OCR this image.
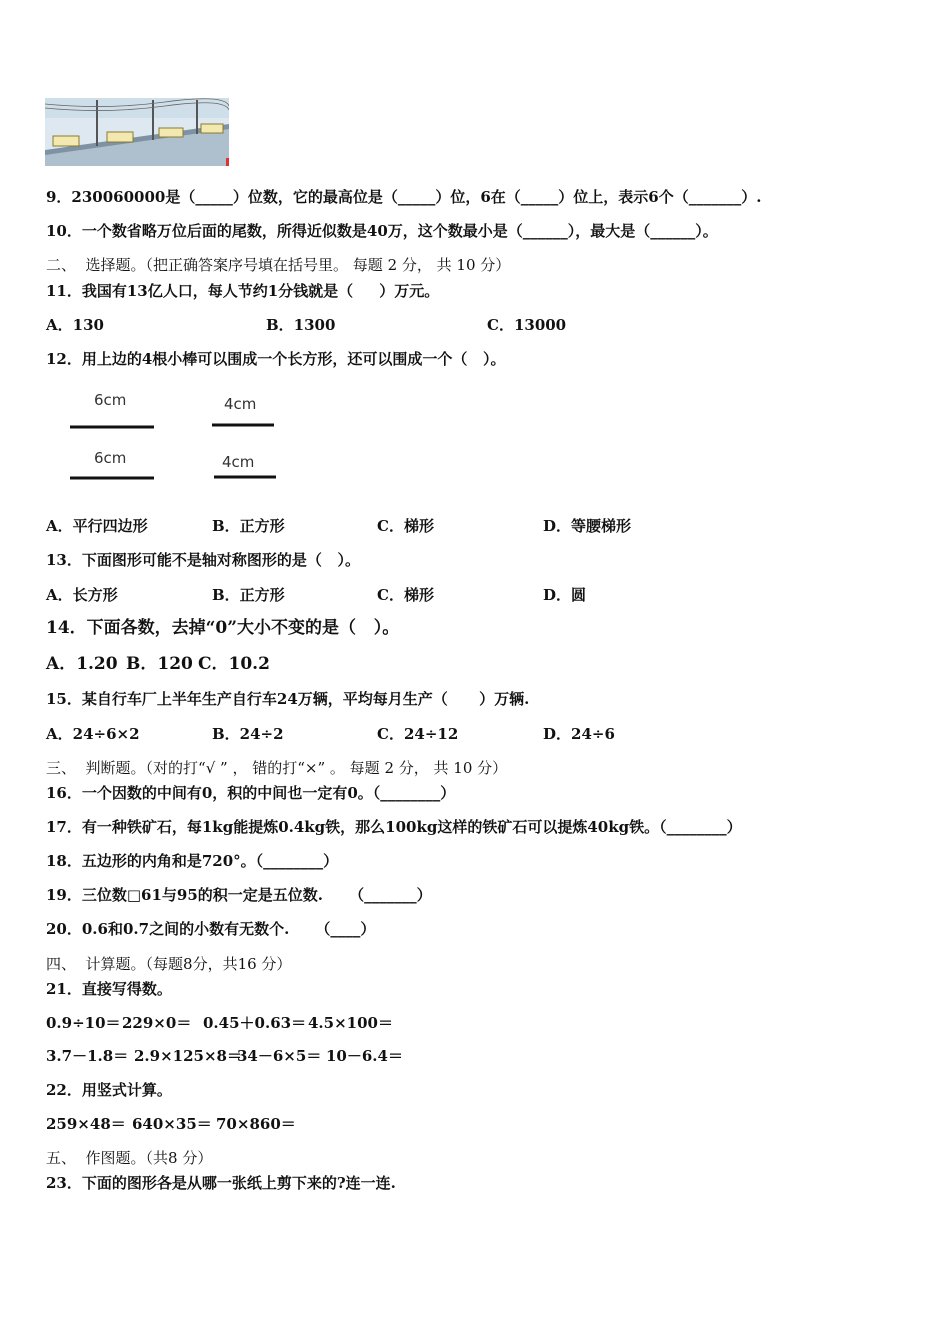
9．230060000是（_____）位数，它的最高位是（_____）位，6在（_____）位上，表示6个（_______）.
10．一个数省略万位后面的尾数，所得近似数是40万，这个数最小是（______），最大是（______）。
二、  选择题。（把正确答案序号填在括号里。 每题 2 分， 共 10 分）
11．我国有13亿人口，每人节约1分钱就是（     ）万元。
A．130	B．1300	C．13000
12．用上边的4根小棒可以围成一个长方形，还可以围成一个（   ）。
6cm	4cm
6cm	4cm
A．平行四边形	B．正方形	C．梯形	D．等腰梯形
13．下面图形可能不是轴对称图形的是（   ）。
A．长方形	B．正方形	C．梯形	D．圆
14．下面各数，去掉“0”大小不变的是（   ）。
A．1.20 B．120 C．10.2
15．某自行车厂上半年生产自行车24万辆，平均每月生产（      ）万辆.
A．24÷6×2	B．24÷2	C．24÷12	D．24÷6
三、  判断题。（对的打“√ ” ， 错的打“×” 。 每题 2 分， 共 10 分）
16．一个因数的中间有0，积的中间也一定有0。（________）
17．有一种铁矿石，每1kg能提炼0.4kg铁，那么100kg这样的铁矿石可以提炼40kg铁。（________）
18．五边形的内角和是720°。（________）
19．三位数□61与95的积一定是五位数.     （_______）
20．0.6和0.7之间的小数有无数个.     （____）
四、  计算题。（每题8分，共16 分）
21．直接写得数。
0.9÷10＝ 229×0＝ 0.45＋0.63＝ 4.5×100＝
3.7－1.8＝ 2.9×125×8＝
34－6×5＝ 10－6.4＝
22．用竖式计算。
259×48＝ 640×35＝ 70×860＝
五、  作图题。（共8 分）
23．下面的图形各是从哪一张纸上剪下来的?连一连.
